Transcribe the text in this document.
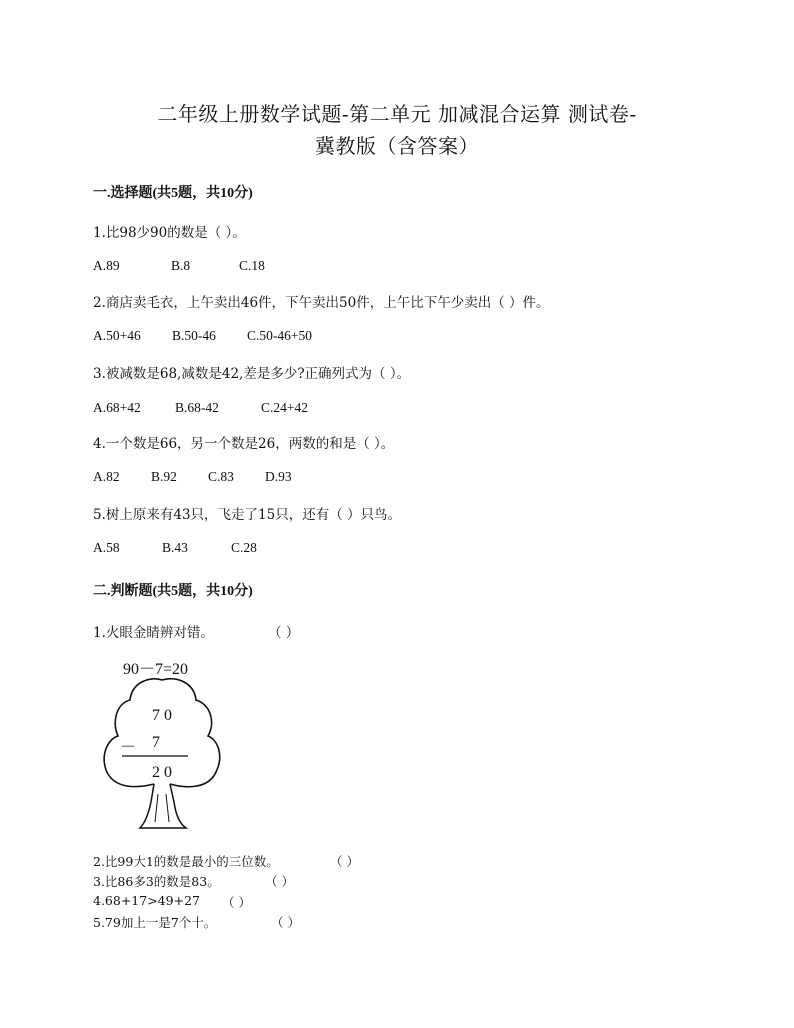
二年级上册数学试题-第二单元 加减混合运算 测试卷-
冀教版（含答案）
一.选择题(共5题，共10分)
1.比98少90的数是（ ）。
A.89	B.8	C.18
2.商店卖毛衣，上午卖出46件，下午卖出50件，上午比下午少卖出（ ）件。
A.50+46 B.50-46 C.50-46+50
3.被减数是68,减数是42,差是多少?正确列式为（ ）。
A.68+42	B.68-42	C.24+42
4.一个数是66，另一个数是26，两数的和是（ ）。
A.82 B.92 C.83 D.93
5.树上原来有43只，飞走了15只，还有（ ）只鸟。
A.58	B.43	C.28
二.判断题(共5题，共10分)
1.火眼金睛辨对错。	（ ）
90－7=20
7 0
－ 7
2 0
2.比99大1的数是最小的三位数。	（ ）
3.比86多3的数是83。	（ ）
4.68+17>49+27 （ ）
5.79加上一是7个十。	（ ）
